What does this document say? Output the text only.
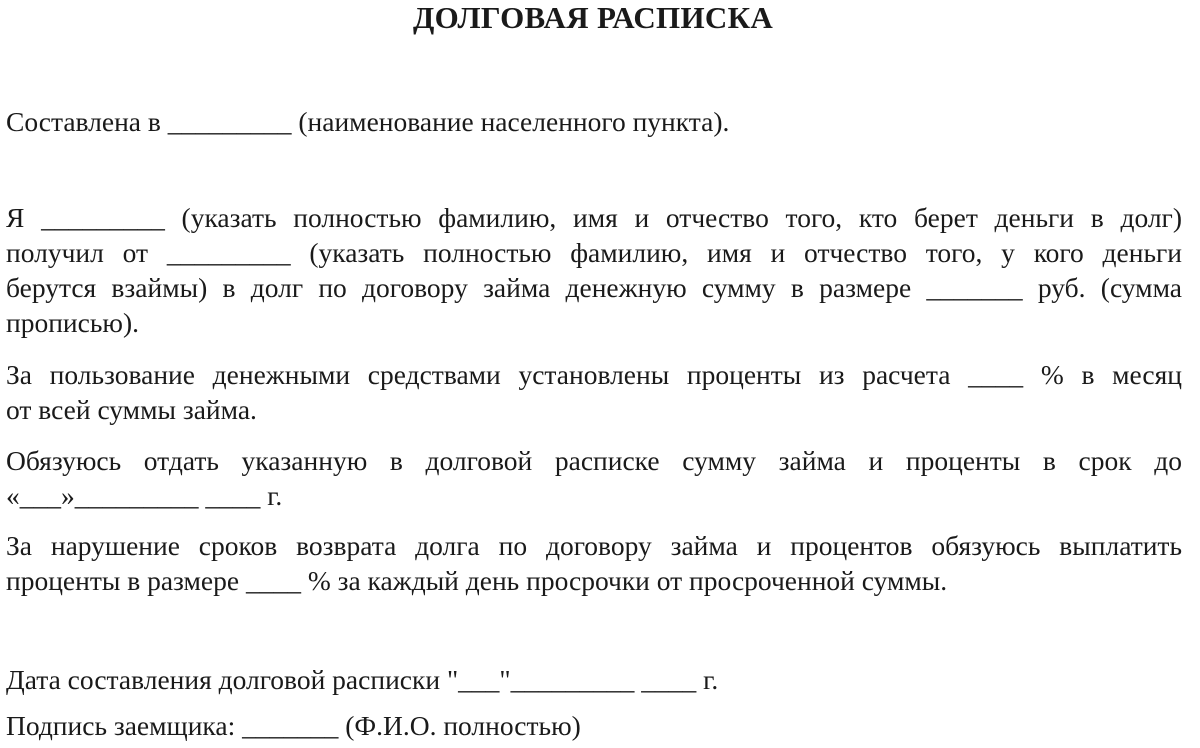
ДОЛГОВАЯ РАСПИСКА

Составлена в _________ (наименование населенного пункта).

Я _________ (указать полностью фамилию, имя и отчество того, кто берет деньги в долг)
получил от _________ (указать полностью фамилию, имя и отчество того, у кого деньги
берутся взаймы) в долг по договору займа денежную сумму в размере _______ руб. (сумма
прописью).

За пользование денежными средствами установлены проценты из расчета ____ % в месяц
от всей суммы займа.

Обязуюсь отдать указанную в долговой расписке сумму займа и проценты в срок до
«___»_________ ____ г.

За нарушение сроков возврата долга по договору займа и процентов обязуюсь выплатить
проценты в размере ____ % за каждый день просрочки от просроченной суммы.

Дата составления долговой расписки "___"_________ ____ г.

Подпись заемщика: _______ (Ф.И.О. полностью)
